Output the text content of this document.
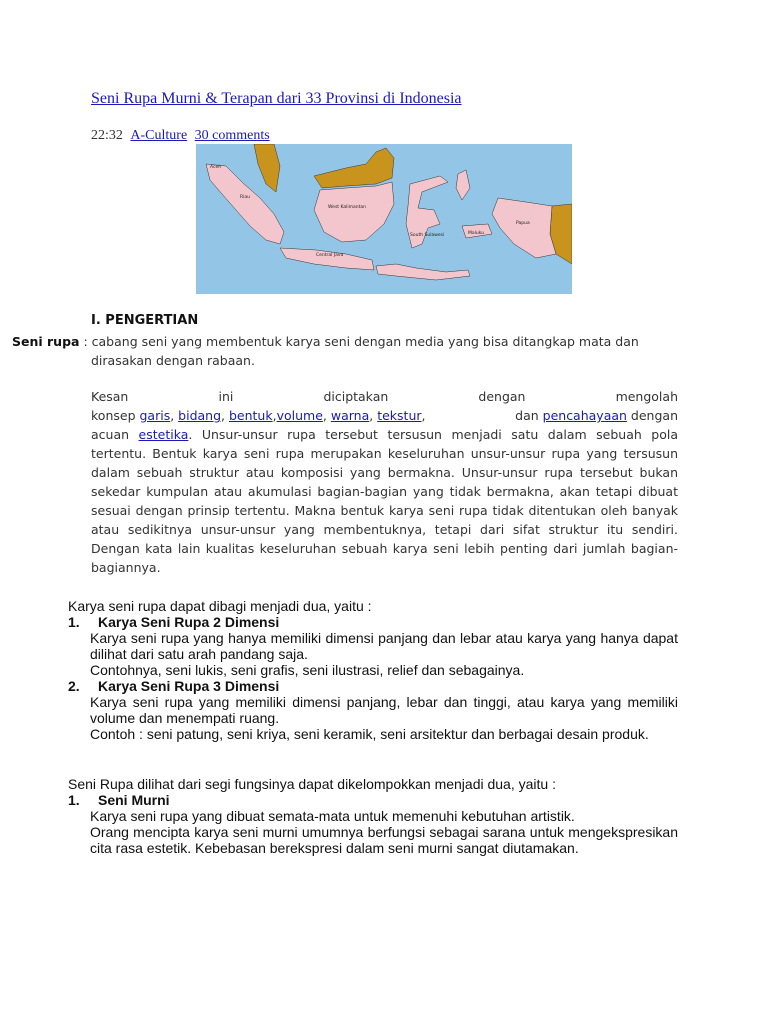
Seni Rupa Murni & Terapan dari 33 Provinsi di Indonesia
22:32 A-Culture 30 comments
Aceh
Riau
West Kalimantan
Central Java
South Sulawesi	Maluku
Papua
I. PENGERTIAN
Seni rupa : cabang seni yang membentuk karya seni dengan media yang bisa ditangkap mata dan
dirasakan dengan rabaan.
Kesan	ini	diciptakan	dengan	mengolah
konsep garis, bidang, bentuk,volume, warna, tekstur,	dan pencahayaan dengan
acuan estetika. Unsur-unsur rupa tersebut tersusun menjadi satu dalam sebuah pola tertentu. Bentuk karya seni rupa merupakan keseluruhan unsur-unsur rupa yang tersusun dalam sebuah struktur atau komposisi yang bermakna. Unsur-unsur rupa tersebut bukan sekedar kumpulan atau akumulasi bagian-bagian yang tidak bermakna, akan tetapi dibuat sesuai dengan prinsip tertentu. Makna bentuk karya seni rupa tidak ditentukan oleh banyak atau sedikitnya unsur-unsur yang membentuknya, tetapi dari sifat struktur itu sendiri. Dengan kata lain kualitas keseluruhan sebuah karya seni lebih penting dari jumlah bagian-bagiannya.

Karya seni rupa dapat dibagi menjadi dua, yaitu :

1.	Karya Seni Rupa 2 Dimensi

Karya seni rupa yang hanya memiliki dimensi panjang dan lebar atau karya yang hanya dapat dilihat dari satu arah pandang saja.

Contohnya, seni lukis, seni grafis, seni ilustrasi, relief dan sebagainya.

2.	Karya Seni Rupa 3 Dimensi

Karya seni rupa yang memiliki dimensi panjang, lebar dan tinggi, atau karya yang memiliki volume dan menempati ruang.

Contoh : seni patung, seni kriya, seni keramik, seni arsitektur dan berbagai desain produk.

Seni Rupa dilihat dari segi fungsinya dapat dikelompokkan menjadi dua, yaitu :

1.	Seni Murni

Karya seni rupa yang dibuat semata-mata untuk memenuhi kebutuhan artistik.

Orang mencipta karya seni murni umumnya berfungsi sebagai sarana untuk mengekspresikan cita rasa estetik. Kebebasan berekspresi dalam seni murni sangat diutamakan.
